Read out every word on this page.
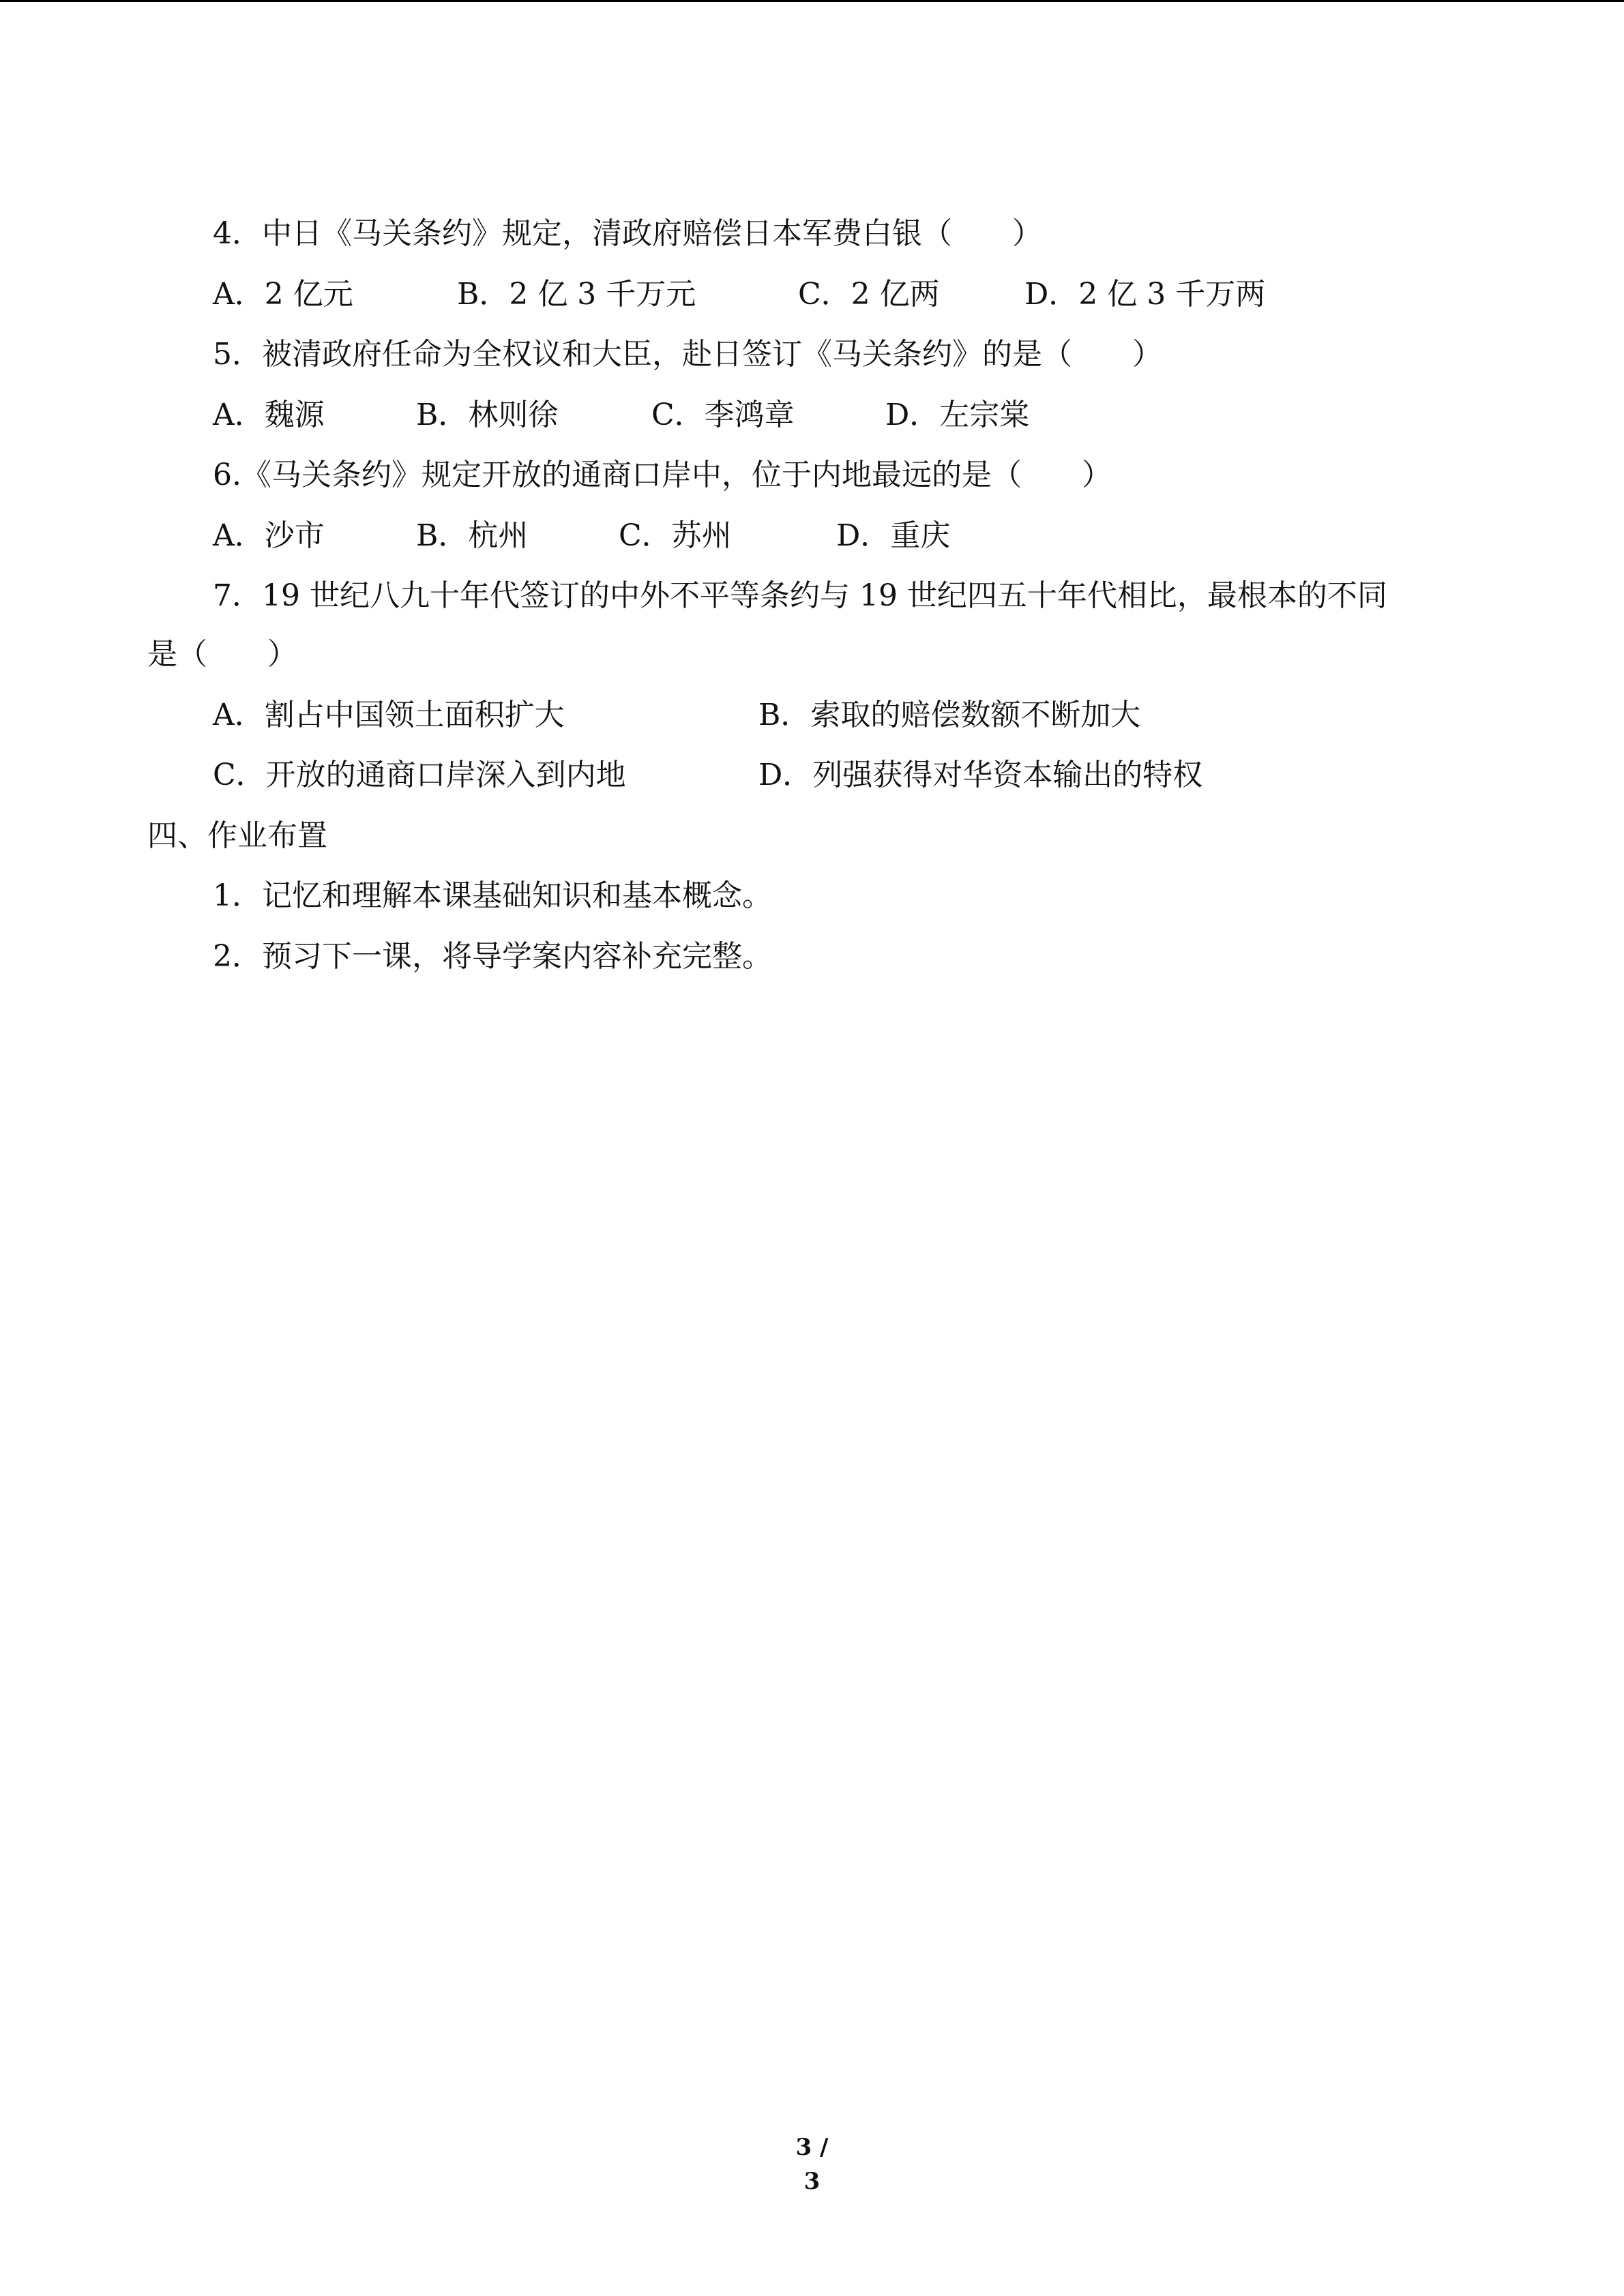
4．中日《马关条约》规定，清政府赔偿日本军费白银（　　）
A．2 亿元	B．2 亿 3 千万元	C．2 亿两	D．2 亿 3 千万两
5．被清政府任命为全权议和大臣，赴日签订《马关条约》的是（　　）
A．魏源	B．林则徐	C．李鸿章	D．左宗棠
6.《马关条约》规定开放的通商口岸中，位于内地最远的是（　　）
A．沙市	B．杭州	C．苏州	D．重庆
7．19 世纪八九十年代签订的中外不平等条约与 19 世纪四五十年代相比，最根本的不同
是（　　）
A．割占中国领土面积扩大	B．索取的赔偿数额不断加大
C．开放的通商口岸深入到内地	D．列强获得对华资本输出的特权
四、作业布置
1．记忆和理解本课基础知识和基本概念。
2．预习下一课，将导学案内容补充完整。
3 / 3
